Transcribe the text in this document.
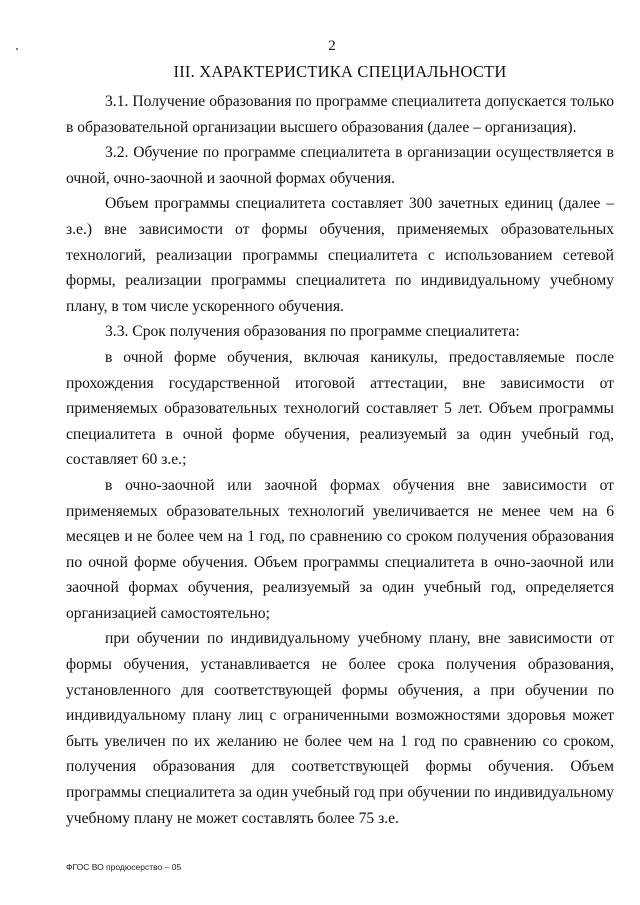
2
III. ХАРАКТЕРИСТИКА СПЕЦИАЛЬНОСТИ

3.1. Получение образования по программе специалитета допускается только в образовательной организации высшего образования (далее – организация).

3.2. Обучение по программе специалитета в организации осуществляется в очной, очно-заочной и заочной формах обучения.

Объем программы специалитета составляет 300 зачетных единиц (далее – з.е.) вне зависимости от формы обучения, применяемых образовательных технологий, реализации программы специалитета с использованием сетевой формы, реализации программы специалитета по индивидуальному учебному плану, в том числе ускоренного обучения.

3.3. Срок получения образования по программе специалитета:

в очной форме обучения, включая каникулы, предоставляемые после прохождения государственной итоговой аттестации, вне зависимости от применяемых образовательных технологий составляет 5 лет. Объем программы специалитета в очной форме обучения, реализуемый за один учебный год, составляет 60 з.е.;

в очно-заочной или заочной формах обучения вне зависимости от применяемых образовательных технологий увеличивается не менее чем на 6 месяцев и не более чем на 1 год, по сравнению со сроком получения образования по очной форме обучения. Объем программы специалитета в очно-заочной или заочной формах обучения, реализуемый за один учебный год, определяется организацией самостоятельно;

при обучении по индивидуальному учебному плану, вне зависимости от формы обучения, устанавливается не более срока получения образования, установленного для соответствующей формы обучения, а при обучении по индивидуальному плану лиц с ограниченными возможностями здоровья может быть увеличен по их желанию не более чем на 1 год по сравнению со сроком, получения образования для соответствующей формы обучения. Объем программы специалитета за один учебный год при обучении по индивидуальному учебному плану не может составлять более 75 з.е.

ФГОС ВО продюсерство – 05
